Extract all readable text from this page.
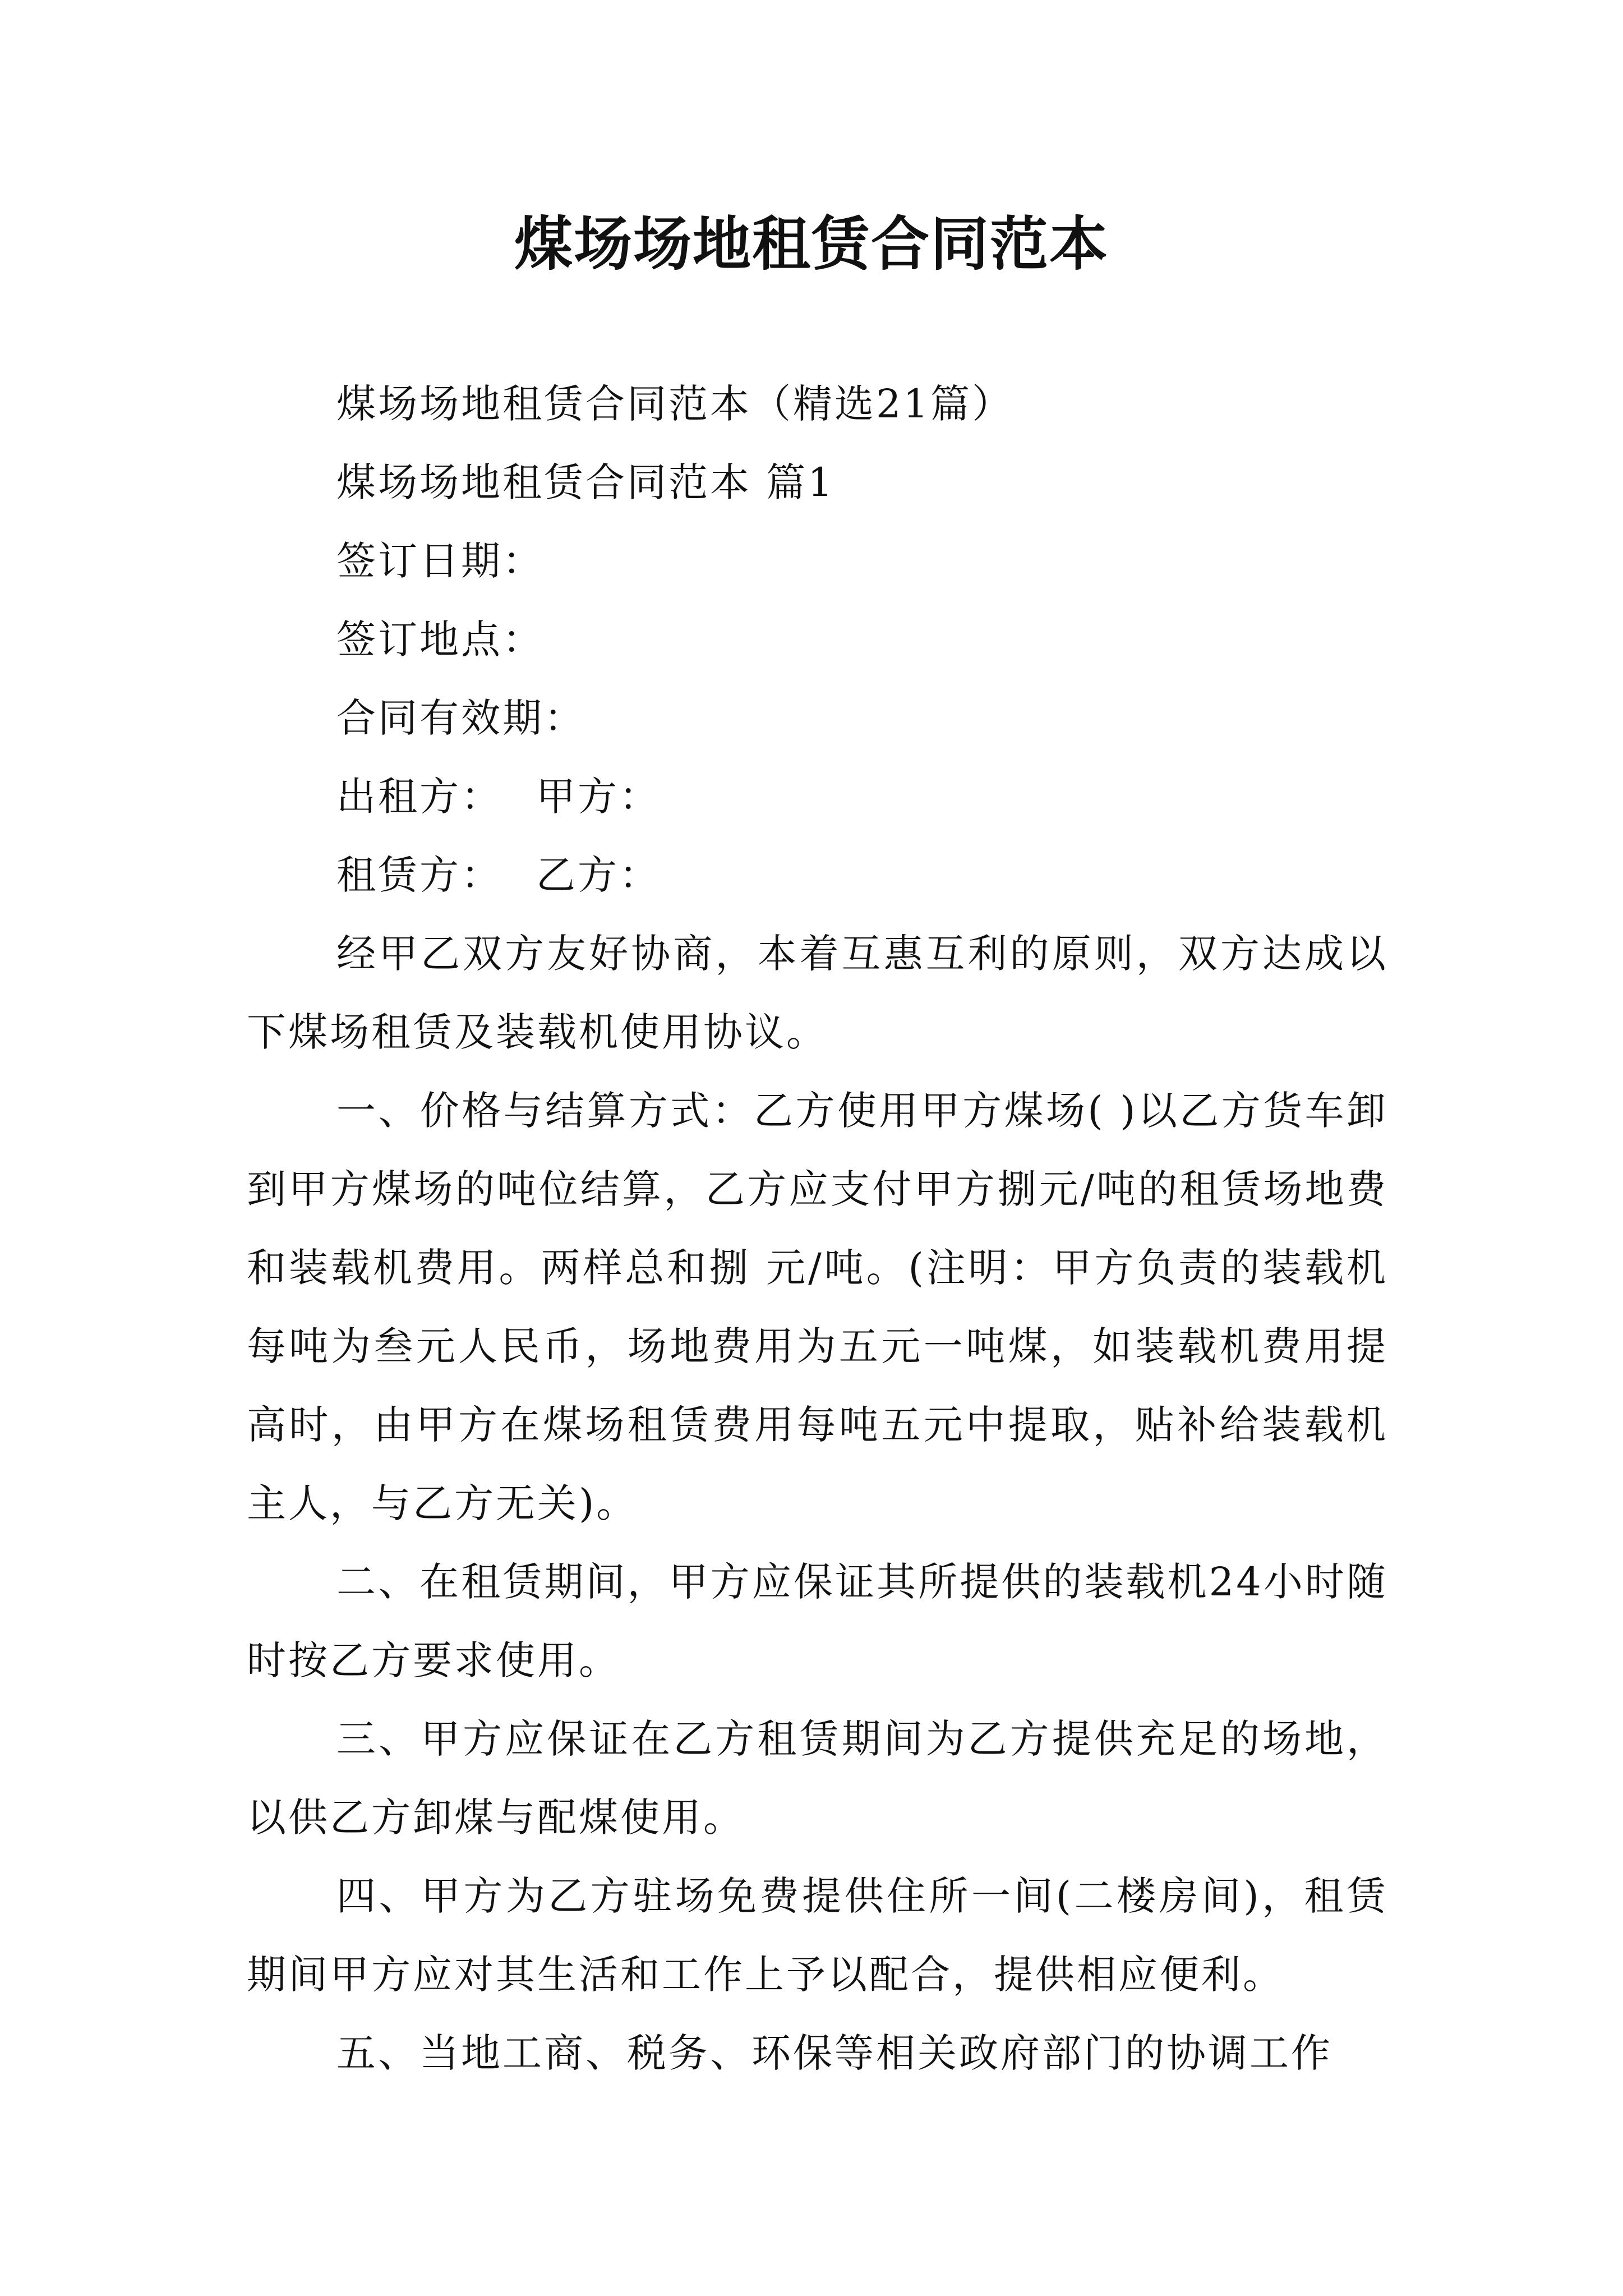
煤场场地租赁合同范本

煤场场地租赁合同范本（精选21篇）

煤场场地租赁合同范本 篇1

签订日期：

签订地点：

合同有效期：

出租方： 甲方：

租赁方： 乙方：

经甲乙双方友好协商，本着互惠互利的原则，双方达成以下煤场租赁及装载机使用协议。

一、价格与结算方式：乙方使用甲方煤场( )以乙方货车卸到甲方煤场的吨位结算，乙方应支付甲方捌元/吨的租赁场地费和装载机费用。两样总和捌 元/吨。(注明：甲方负责的装载机每吨为叁元人民币，场地费用为五元一吨煤，如装载机费用提高时，由甲方在煤场租赁费用每吨五元中提取，贴补给装载机主人，与乙方无关)。

二、在租赁期间，甲方应保证其所提供的装载机24小时随时按乙方要求使用。

三、甲方应保证在乙方租赁期间为乙方提供充足的场地，以供乙方卸煤与配煤使用。

四、甲方为乙方驻场免费提供住所一间(二楼房间)，租赁期间甲方应对其生活和工作上予以配合，提供相应便利。

五、当地工商、税务、环保等相关政府部门的协调工作
